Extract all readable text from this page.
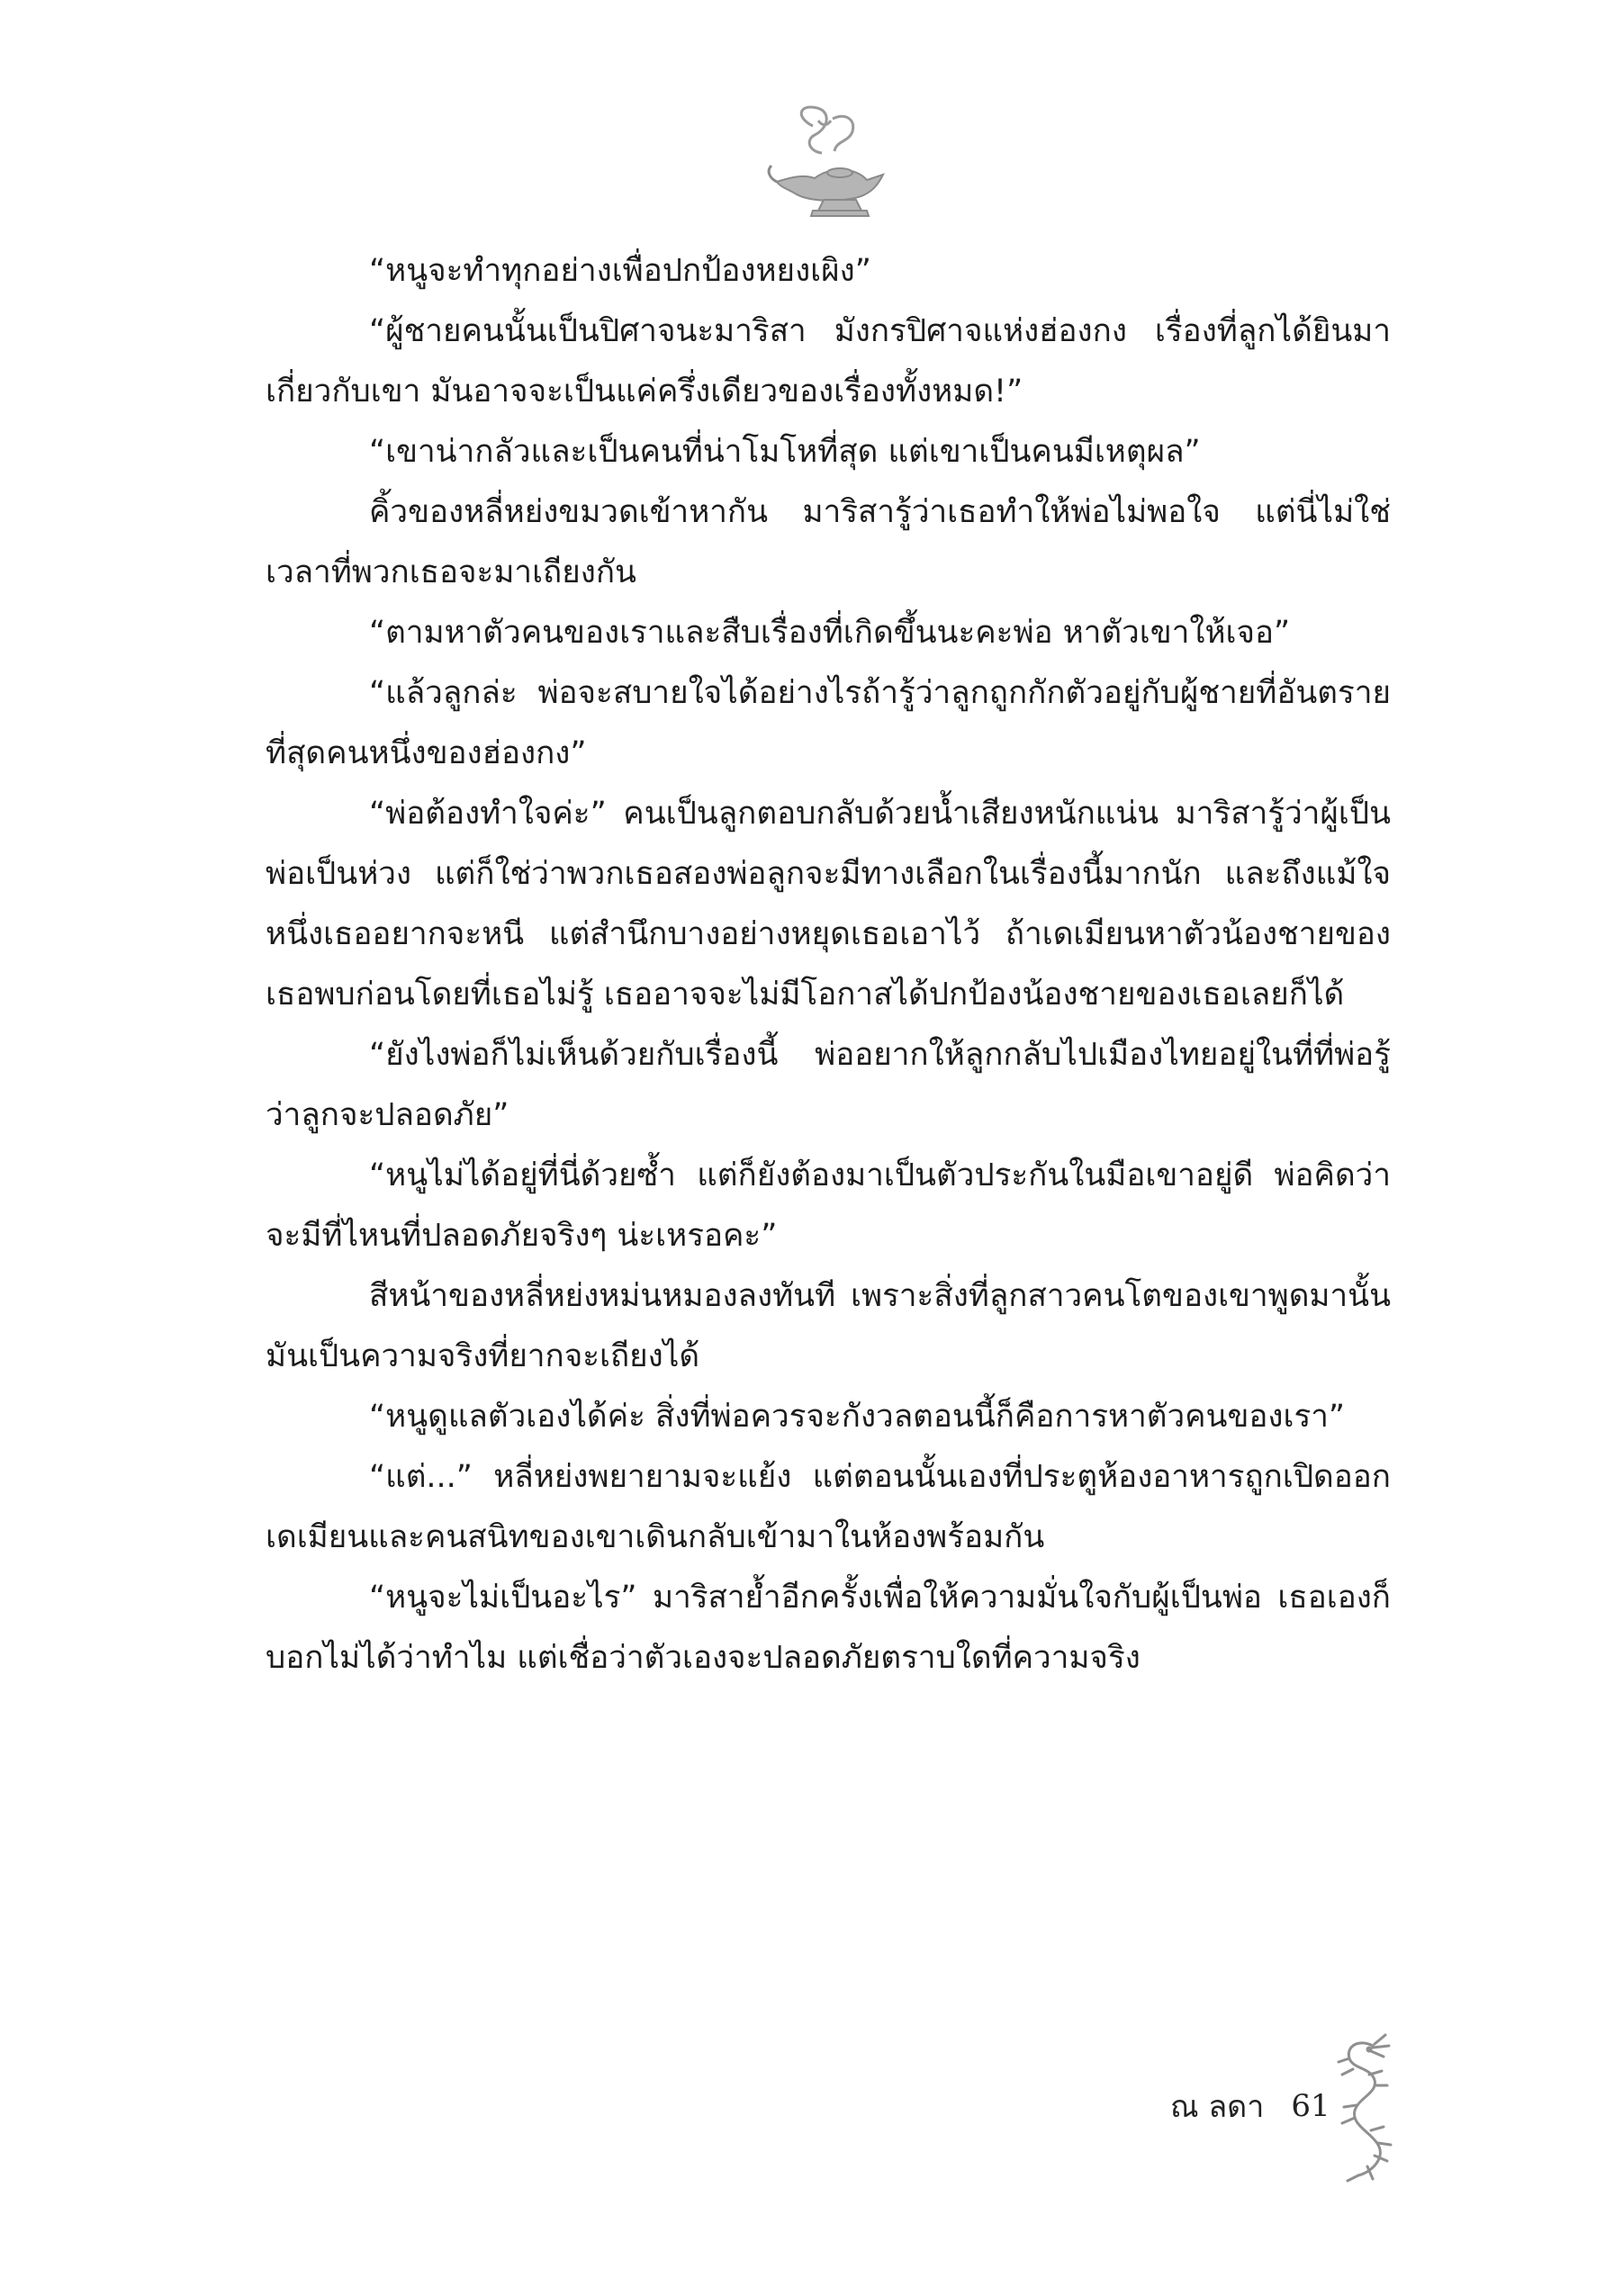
“หนูจะทำทุกอย่างเพื่อปกป้องหยงเผิง”

“ผู้ชายคนนั้นเป็นปิศาจนะมาริสา มังกรปิศาจแห่งฮ่องกง เรื่องที่ลูกได้ยินมาเกี่ยวกับเขา มันอาจจะเป็นแค่ครึ่งเดียวของเรื่องทั้งหมด!”

“เขาน่ากลัวและเป็นคนที่น่าโมโหที่สุด แต่เขาเป็นคนมีเหตุผล”

คิ้วของหลี่หย่งขมวดเข้าหากัน มาริสารู้ว่าเธอทำให้พ่อไม่พอใจ แต่นี่ไม่ใช่เวลาที่พวกเธอจะมาเถียงกัน

“ตามหาตัวคนของเราและสืบเรื่องที่เกิดขึ้นนะคะพ่อ หาตัวเขาให้เจอ”

“แล้วลูกล่ะ พ่อจะสบายใจได้อย่างไรถ้ารู้ว่าลูกถูกกักตัวอยู่กับผู้ชายที่อันตรายที่สุดคนหนึ่งของฮ่องกง”

“พ่อต้องทำใจค่ะ” คนเป็นลูกตอบกลับด้วยน้ำเสียงหนักแน่น มาริสารู้ว่าผู้เป็นพ่อเป็นห่วง แต่ก็ใช่ว่าพวกเธอสองพ่อลูกจะมีทางเลือกในเรื่องนี้มากนัก และถึงแม้ใจหนึ่งเธออยากจะหนี แต่สำนึกบางอย่างหยุดเธอเอาไว้ ถ้าเดเมียนหาตัวน้องชายของเธอพบก่อนโดยที่เธอไม่รู้ เธออาจจะไม่มีโอกาสได้ปกป้องน้องชายของเธอเลยก็ได้

“ยังไงพ่อก็ไม่เห็นด้วยกับเรื่องนี้ พ่ออยากให้ลูกกลับไปเมืองไทยอยู่ในที่ที่พ่อรู้ว่าลูกจะปลอดภัย”

“หนูไม่ได้อยู่ที่นี่ด้วยซ้ำ แต่ก็ยังต้องมาเป็นตัวประกันในมือเขาอยู่ดี พ่อคิดว่าจะมีที่ไหนที่ปลอดภัยจริงๆ น่ะเหรอคะ”

สีหน้าของหลี่หย่งหม่นหมองลงทันที เพราะสิ่งที่ลูกสาวคนโตของเขาพูดมานั้นมันเป็นความจริงที่ยากจะเถียงได้

“หนูดูแลตัวเองได้ค่ะ สิ่งที่พ่อควรจะกังวลตอนนี้ก็คือการหาตัวคนของเรา”

“แต่...” หลี่หย่งพยายามจะแย้ง แต่ตอนนั้นเองที่ประตูห้องอาหารถูกเปิดออก เดเมียนและคนสนิทของเขาเดินกลับเข้ามาในห้องพร้อมกัน

“หนูจะไม่เป็นอะไร” มาริสาย้ำอีกครั้งเพื่อให้ความมั่นใจกับผู้เป็นพ่อ เธอเองก็บอกไม่ได้ว่าทำไม แต่เชื่อว่าตัวเองจะปลอดภัยตราบใดที่ความจริง

ณ ลดา 61
